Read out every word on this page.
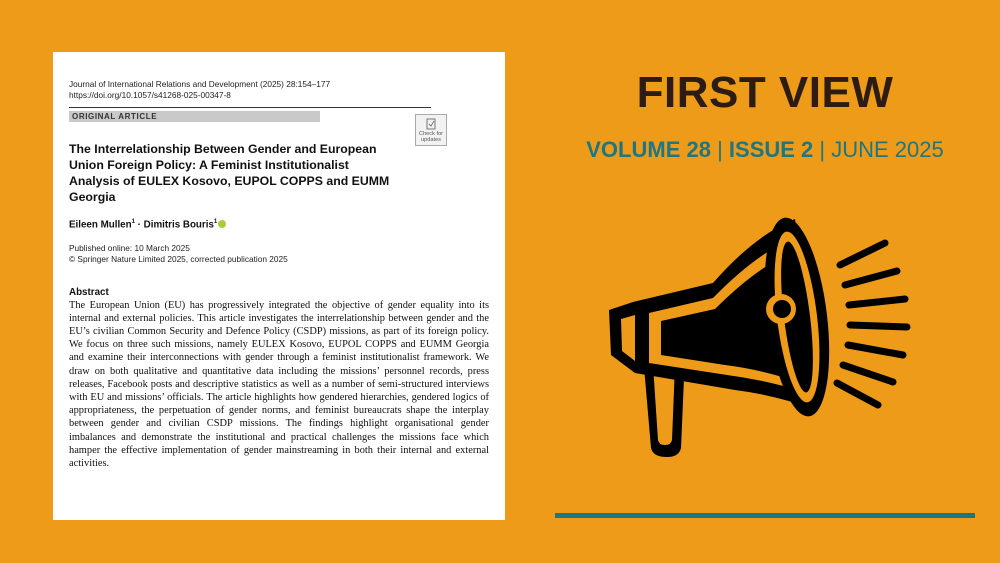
Journal of International Relations and Development (2025) 28:154–177
https://doi.org/10.1057/s41268-025-00347-8
ORIGINAL ARTICLE
Check for
updates
The Interrelationship Between Gender and European Union Foreign Policy: A Feminist Institutionalist Analysis of EULEX Kosovo, EUPOL COPPS and EUMM Georgia
Eileen Mullen$^1$ · Dimitris Bouris$^1$
Published online: 10 March 2025
© Springer Nature Limited 2025, corrected publication 2025
Abstract
The European Union (EU) has progressively integrated the objective of gender equality into its internal and external policies. This article investigates the interrelationship between gender and the EU’s civilian Common Security and Defence Policy (CSDP) missions, as part of its foreign policy. We focus on three such missions, namely EULEX Kosovo, EUPOL COPPS and EUMM Georgia and examine their interconnections with gender through a feminist institutionalist framework. We draw on both qualitative and quantitative data including the missions’ personnel records, press releases, Facebook posts and descriptive statistics as well as a number of semi-structured interviews with EU and missions’ officials. The article highlights how gendered hierarchies, gendered logics of appropriateness, the perpetuation of gender norms, and feminist bureaucrats shape the interplay between gender and civilian CSDP missions. The findings highlight organisational gender imbalances and demonstrate the institutional and practical challenges the missions face which hamper the effective implementation of gender mainstreaming in both their internal and external activities.
FIRST VIEW
VOLUME 28 | ISSUE 2 | JUNE 2025
